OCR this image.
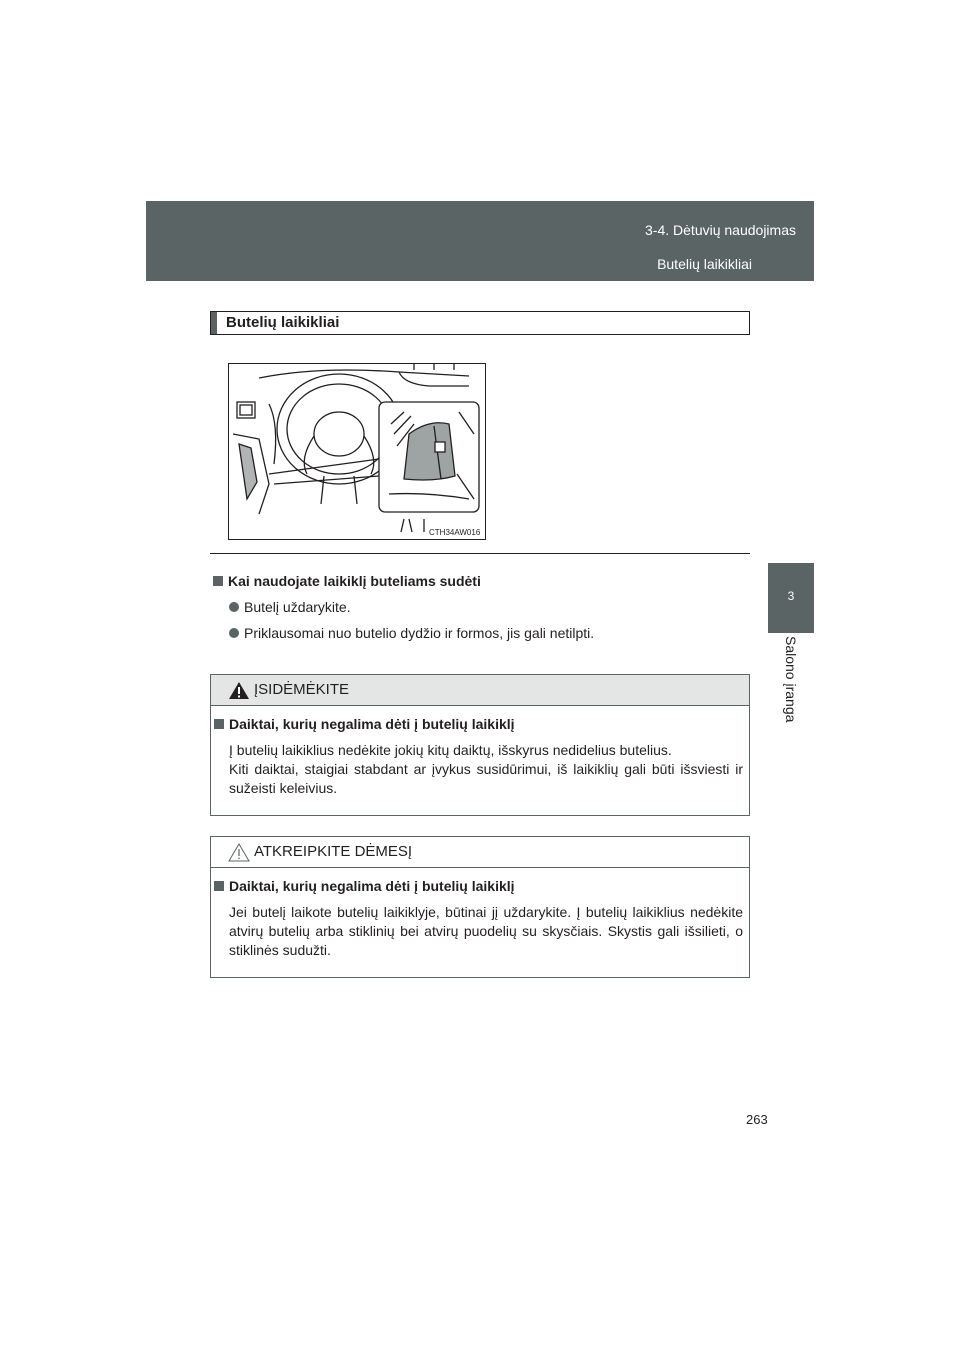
3-4. Dėtuvių naudojimas
Butelių laikikliai
3
Salono įranga
Butelių laikikliai
CTH34AW016
Kai naudojate laikiklį buteliams sudėti
Butelį uždarykite.
Priklausomai nuo butelio dydžio ir formos, jis gali netilpti.
ĮSIDĖMĖKITE
Daiktai, kurių negalima dėti į butelių laikiklį

Į butelių laikiklius nedėkite jokių kitų daiktų, išskyrus nedidelius butelius.

Kiti daiktai, staigiai stabdant ar įvykus susidūrimui, iš laikiklių gali būti išsviesti ir sužeisti keleivius.

ATKREIPKITE DĖMESĮ
Daiktai, kurių negalima dėti į butelių laikiklį

Jei butelį laikote butelių laikiklyje, būtinai jį uždarykite. Į butelių laikiklius nedėkite atvirų butelių arba stiklinių bei atvirų puodelių su skysčiais. Skystis gali išsilieti, o stiklinės sudužti.

263
